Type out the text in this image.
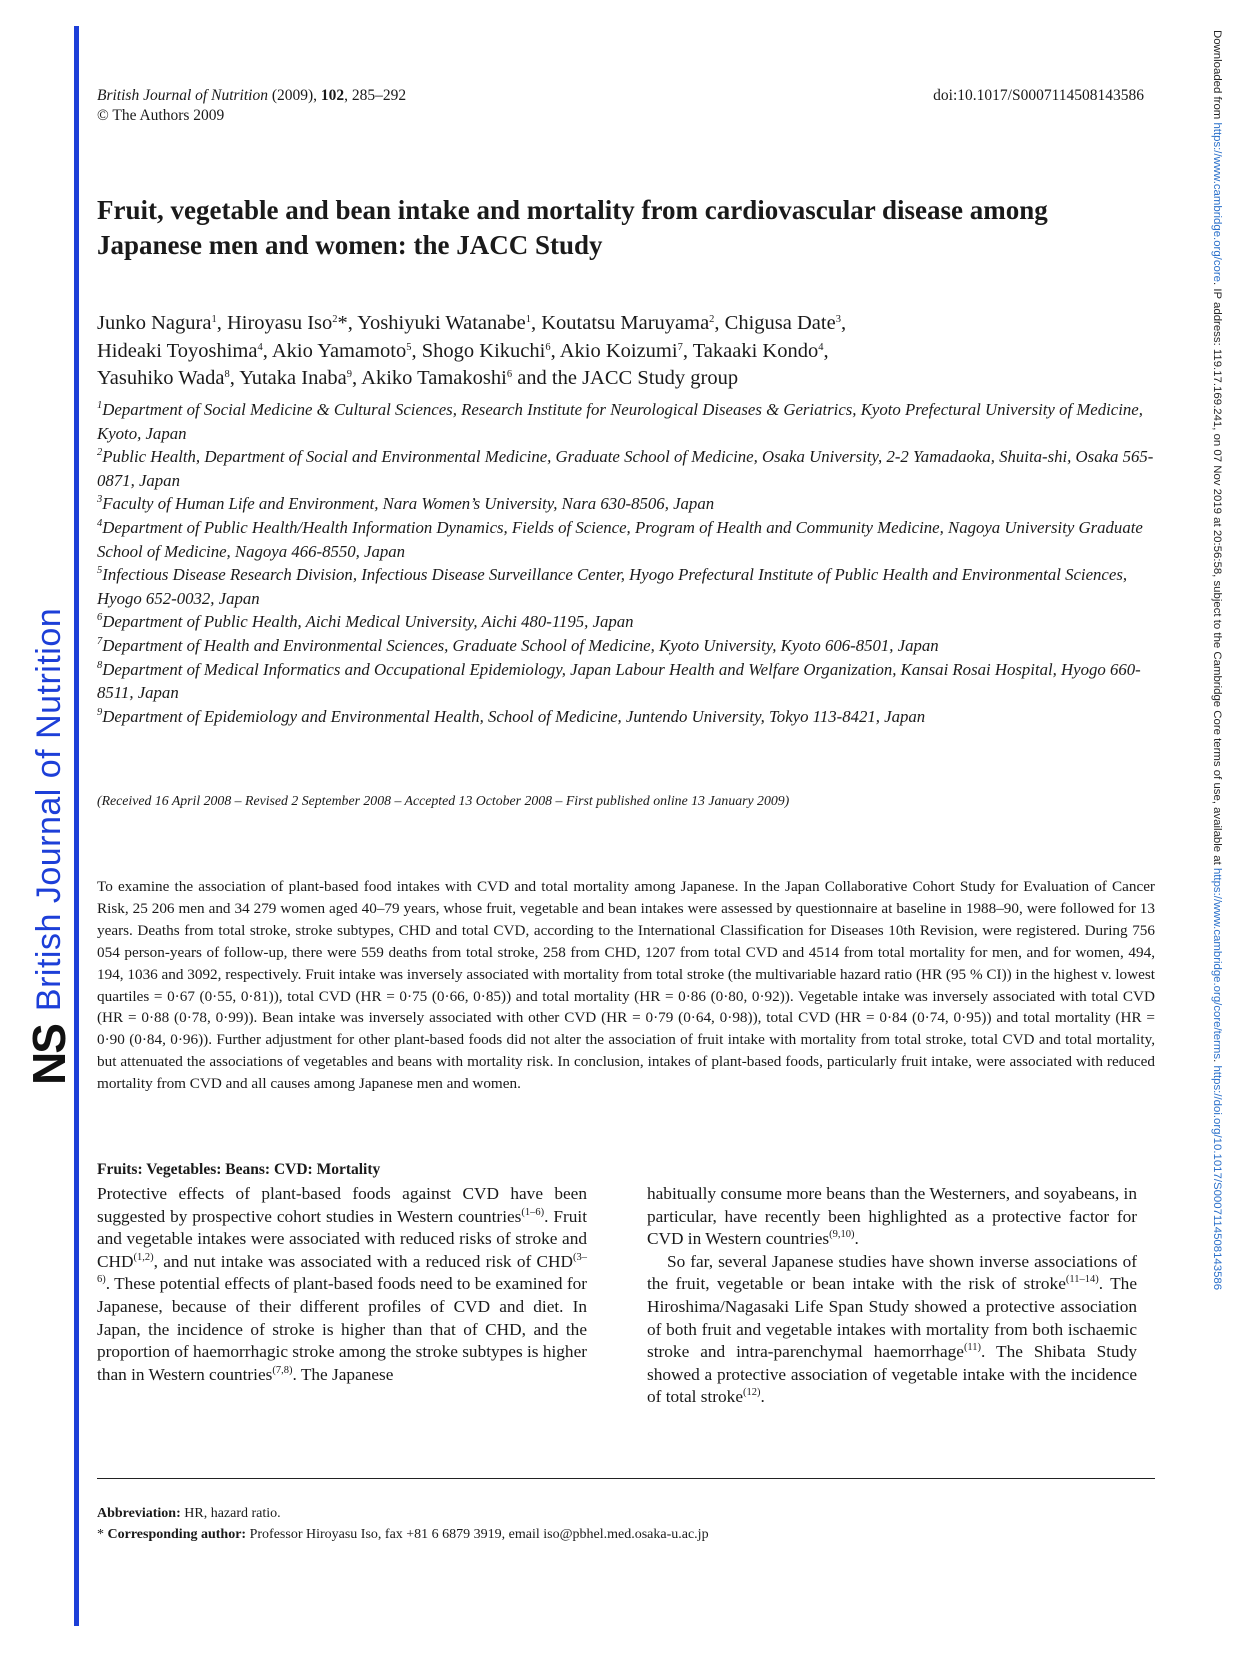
NS
British Journal of Nutrition
Downloaded from https://www.cambridge.org/core. IP address: 119.17.169.241, on 07 Nov 2019 at 20:56:58, subject to the Cambridge Core terms of use, available at https://www.cambridge.org/core/terms. https://doi.org/10.1017/S0007114508143586
British Journal of Nutrition (2009), 102, 285–292
© The Authors 2009
doi:10.1017/S0007114508143586
Fruit, vegetable and bean intake and mortality from cardiovascular disease among Japanese men and women: the JACC Study
Junko Nagura$^1$, Hiroyasu Iso$^2$*, Yoshiyuki Watanabe$^1$, Koutatsu Maruyama$^2$, Chigusa Date$^3$,
Hideaki Toyoshima$^4$, Akio Yamamoto$^5$, Shogo Kikuchi$^6$, Akio Koizumi$^7$, Takaaki Kondo$^4$,
Yasuhiko Wada$^8$, Yutaka Inaba$^9$, Akiko Tamakoshi$^6$ and the JACC Study group

$^1$Department of Social Medicine & Cultural Sciences, Research Institute for Neurological Diseases & Geriatrics, Kyoto Prefectural University of Medicine, Kyoto, Japan

$^2$Public Health, Department of Social and Environmental Medicine, Graduate School of Medicine, Osaka University, 2-2 Yamadaoka, Shuita-shi, Osaka 565-0871, Japan

$^3$Faculty of Human Life and Environment, Nara Women’s University, Nara 630-8506, Japan

$^4$Department of Public Health/Health Information Dynamics, Fields of Science, Program of Health and Community Medicine, Nagoya University Graduate School of Medicine, Nagoya 466-8550, Japan

$^5$Infectious Disease Research Division, Infectious Disease Surveillance Center, Hyogo Prefectural Institute of Public Health and Environmental Sciences, Hyogo 652-0032, Japan

$^6$Department of Public Health, Aichi Medical University, Aichi 480-1195, Japan

$^7$Department of Health and Environmental Sciences, Graduate School of Medicine, Kyoto University, Kyoto 606-8501, Japan

$^8$Department of Medical Informatics and Occupational Epidemiology, Japan Labour Health and Welfare Organization, Kansai Rosai Hospital, Hyogo 660-8511, Japan

$^9$Department of Epidemiology and Environmental Health, School of Medicine, Juntendo University, Tokyo 113-8421, Japan

(Received 16 April 2008 – Revised 2 September 2008 – Accepted 13 October 2008 – First published online 13 January 2009)

To examine the association of plant-based food intakes with CVD and total mortality among Japanese. In the Japan Collaborative Cohort Study for Evaluation of Cancer Risk, 25 206 men and 34 279 women aged 40–79 years, whose fruit, vegetable and bean intakes were assessed by questionnaire at baseline in 1988–90, were followed for 13 years. Deaths from total stroke, stroke subtypes, CHD and total CVD, according to the International Classification for Diseases 10th Revision, were registered. During 756 054 person-years of follow-up, there were 559 deaths from total stroke, 258 from CHD, 1207 from total CVD and 4514 from total mortality for men, and for women, 494, 194, 1036 and 3092, respectively. Fruit intake was inversely associated with mortality from total stroke (the multivariable hazard ratio (HR (95 % CI)) in the highest v. lowest quartiles = 0·67 (0·55, 0·81)), total CVD (HR = 0·75 (0·66, 0·85)) and total mortality (HR = 0·86 (0·80, 0·92)). Vegetable intake was inversely associated with total CVD (HR = 0·88 (0·78, 0·99)). Bean intake was inversely associated with other CVD (HR = 0·79 (0·64, 0·98)), total CVD (HR = 0·84 (0·74, 0·95)) and total mortality (HR = 0·90 (0·84, 0·96)). Further adjustment for other plant-based foods did not alter the association of fruit intake with mortality from total stroke, total CVD and total mortality, but attenuated the associations of vegetables and beans with mortality risk. In conclusion, intakes of plant-based foods, particularly fruit intake, were associated with reduced mortality from CVD and all causes among Japanese men and women.

Fruits: Vegetables: Beans: CVD: Mortality

Protective effects of plant-based foods against CVD have been suggested by prospective cohort studies in Western countries$^{(1-6)}$. Fruit and vegetable intakes were associated with reduced risks of stroke and CHD$^{(1,2)}$, and nut intake was associated with a reduced risk of CHD$^{(3-6)}$. These potential effects of plant-based foods need to be examined for Japanese, because of their different profiles of CVD and diet. In Japan, the incidence of stroke is higher than that of CHD, and the proportion of haemorrhagic stroke among the stroke subtypes is higher than in Western countries$^{(7,8)}$. The Japanese

habitually consume more beans than the Westerners, and soyabeans, in particular, have recently been highlighted as a protective factor for CVD in Western countries$^{(9,10)}$.

So far, several Japanese studies have shown inverse associations of the fruit, vegetable or bean intake with the risk of stroke$^{(11-14)}$. The Hiroshima/Nagasaki Life Span Study showed a protective association of both fruit and vegetable intakes with mortality from both ischaemic stroke and intra-parenchymal haemorrhage$^{(11)}$. The Shibata Study showed a protective association of vegetable intake with the incidence of total stroke$^{(12)}$.

Abbreviation: HR, hazard ratio.
* Corresponding author: Professor Hiroyasu Iso, fax +81 6 6879 3919, email iso@pbhel.med.osaka-u.ac.jp
